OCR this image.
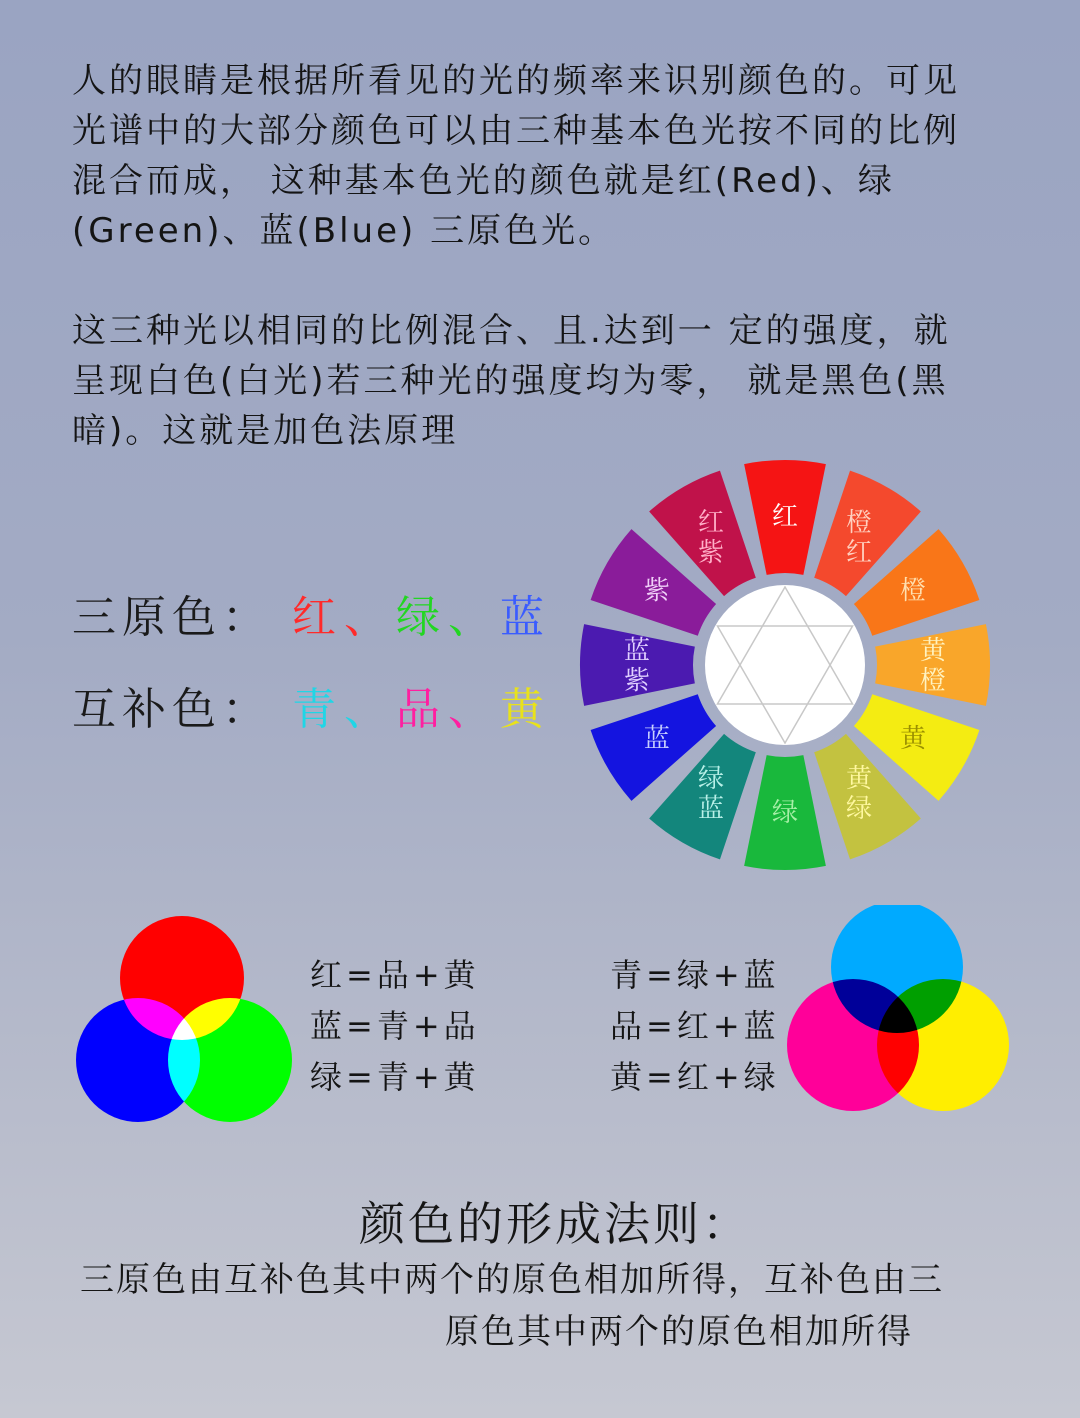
人的眼睛是根据所看见的光的频率来识别颜色的。可见
光谱中的大部分颜色可以由三种基本色光按不同的比例
混合而成， 这种基本色光的颜色就是红(Red)、绿
(Green)、蓝(Blue) 三原色光。
这三种光以相同的比例混合、且.达到一 定的强度，就
呈现白色(白光)若三种光的强度均为零， 就是黑色(黑
暗)。这就是加色法原理
三原色： 红、绿、蓝
互补色： 青、品、黄
红 橙红
橙
黄橙
黄
黄绿
绿
绿蓝
蓝
蓝紫
紫
红紫
红=品+黄
蓝=青+品
绿=青+黄
青=绿+蓝
品=红+蓝
黄=红+绿
颜色的形成法则：
三原色由互补色其中两个的原色相加所得，互补色由三
原色其中两个的原色相加所得
